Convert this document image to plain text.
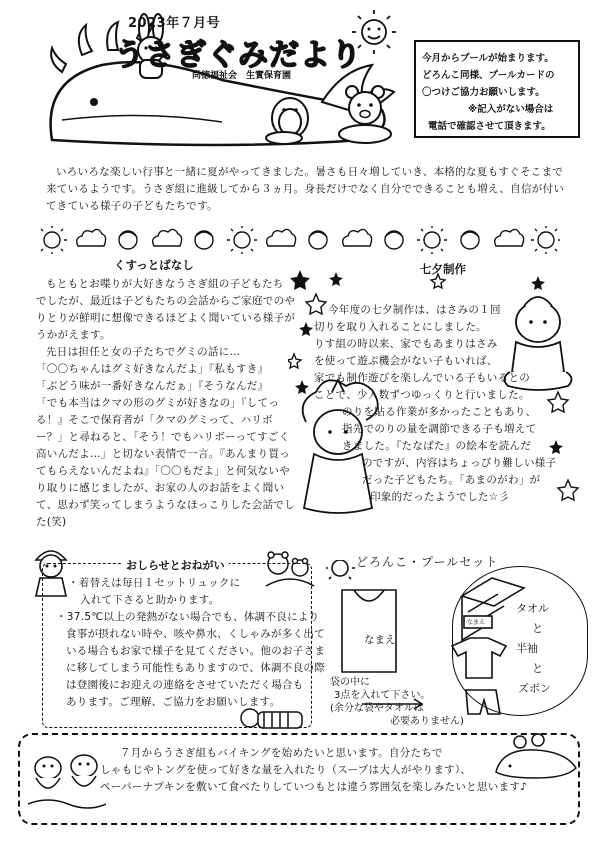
2023年７月号
うさぎぐみだより
尚徳福祉会　生實保育園
今月からプールが始まります。
どろんこ同様、プールカードの
〇つけご協力お願いします。
※記入がない場合は
電話で確認させて頂きます。
いろいろな楽しい行事と一緒に夏がやってきました。暑さも日々増していき、本格的な夏もすぐそこまで
来ているようです。うさぎ組に進級してから３ヵ月。身長だけでなく自分でできることも増え、自信が付い
てきている様子の子どもたちです。
くすっとばなし
もともとお喋りが大好きなうさぎ組の子どもたち
でしたが、最近は子どもたちの会話からご家庭でのや
りとりが鮮明に想像できるほどよく聞いている様子が
うかがえます。
先日は担任と女の子たちでグミの話に…
「〇〇ちゃんはグミ好きなんだよ」『私もすき』
「ぶどう味が一番好きなんだぁ」『そうなんだ』
「でも本当はクマの形のグミが好きなの」『してっ
る！』そこで保育者が「クマのグミって、ハリボ
ー？」と尋ねると、「そう！でもハリボーってすごく
高いんだよ…」と切ない表情で一言。『あんまり買っ
てもらえないんだよね』「〇〇もだよ」と何気ないや
り取りに感じましたが、お家の人のお話をよく聞い
て、思わず笑ってしまうようなほっこりした会話でし
た(笑)
七夕制作
今年度の七夕制作は、はさみの１回
切りを取り入れることにしました。
りす組の時以来、家でもあまりはさみ
を使って遊ぶ機会がない子もいれば、
家でも制作遊びを楽しんでいる子もいるとの
ことで、少人数ずつゆっくりと行いました。
のりを貼る作業が多かったこともあり、
指先でのりの量を調節できる子も増えて
きました。『たなばた』の絵本を読んだ
のですが、内容はちょっぴり難しい様子
だった子どもたち。「あまのがわ」が
印象的だったようでした☆彡
おしらせとおねがい
・着替えは毎日１セットリュックに
入れて下さると助かります。
・37.5℃以上の発熱がない場合でも、体調不良により
食事が摂れない時や、咳や鼻水、くしゃみが多く出て
いる場合もお家で様子を見てください。他のお子さま
に移してしまう可能性もありますので、体調不良の際
は登園後にお迎えの連絡をさせていただく場合も
あります。ご理解、ご協力をお願いします。
どろんこ・プールセット
なまえ
なまえ
タオル
と
半袖
と
ズボン
袋の中に
3点を入れて下さい。
(余分な袋やタオルは
必要ありません)
７月からうさぎ組もバイキングを始めたいと思います。自分たちで
しゃもじやトングを使って好きな量を入れたり（スープは大人がやります）、
ペーパーナプキンを敷いて食べたりしていつもとは違う雰囲気を楽しみたいと思います♪
